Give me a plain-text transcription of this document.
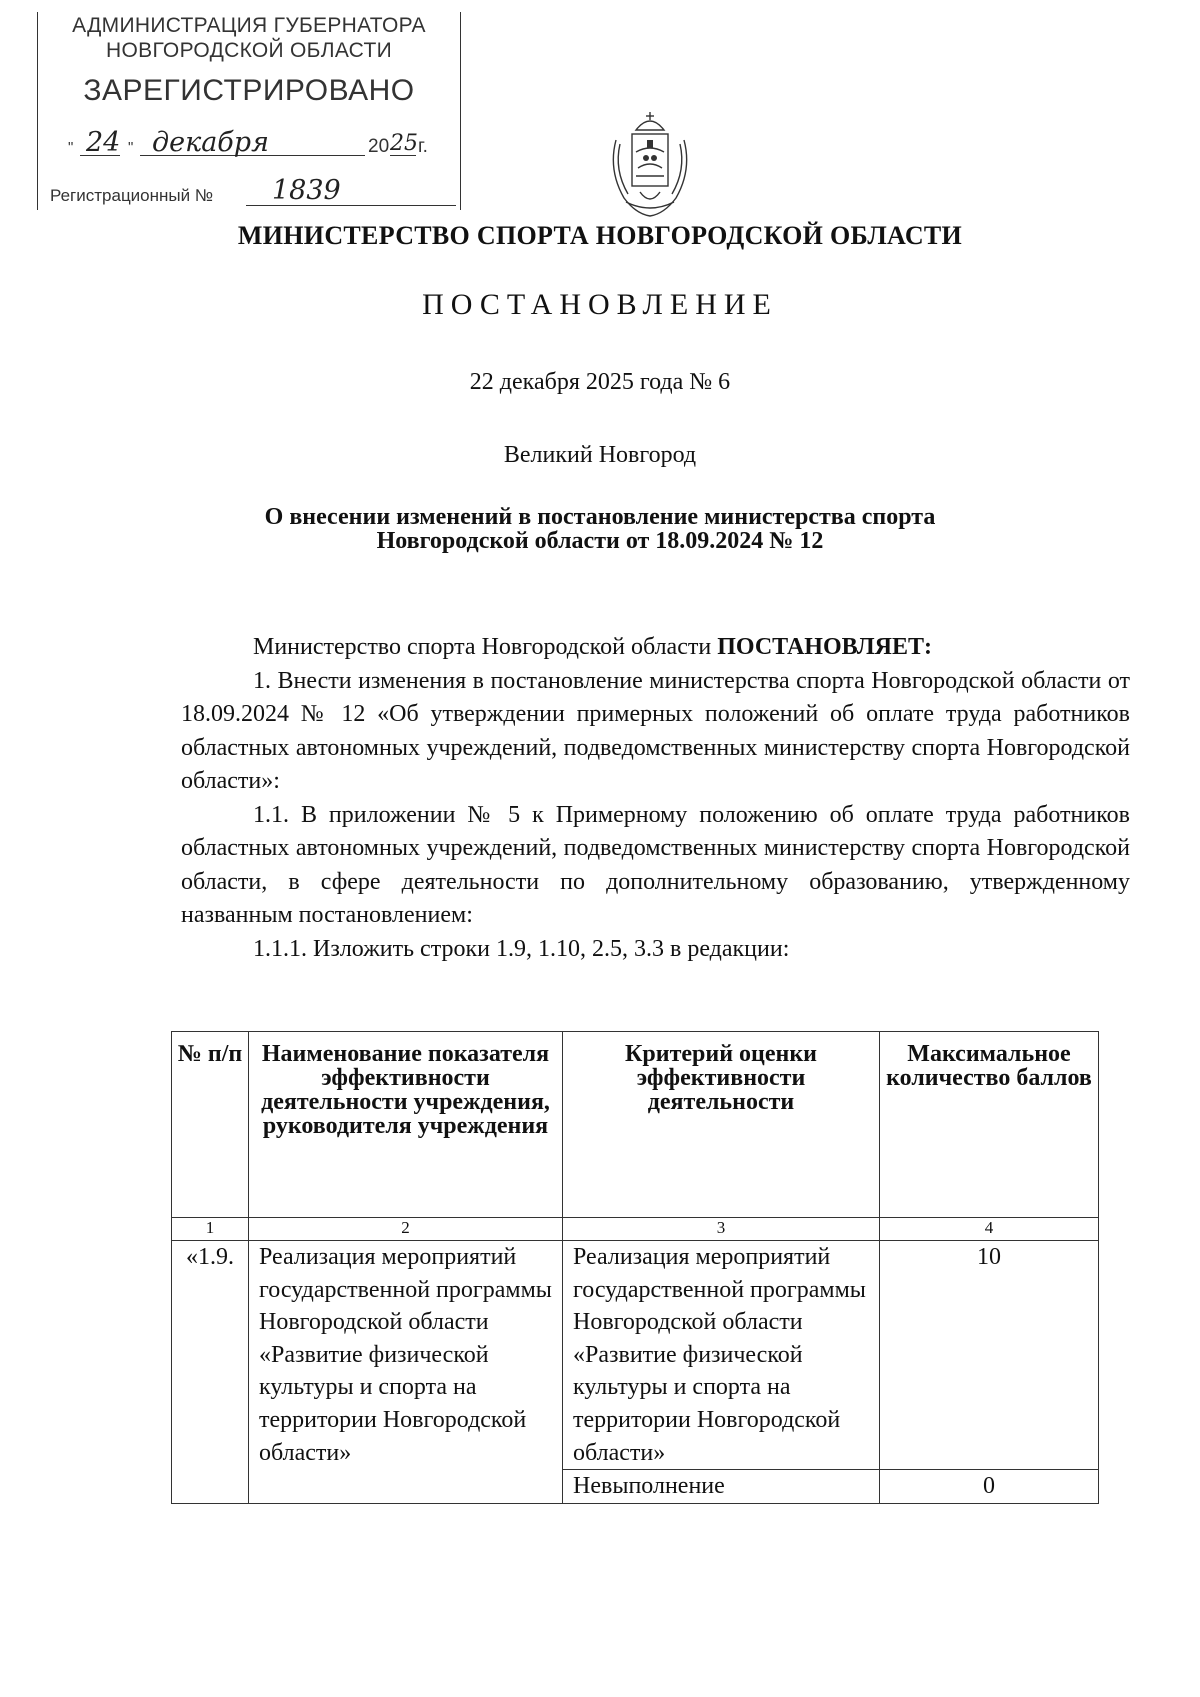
АДМИНИСТРАЦИЯ ГУБЕРНАТОРА
НОВГОРОДСКОЙ ОБЛАСТИ
ЗАРЕГИСТРИРОВАНО
" 24 " декабря	20 25 г.
Регистрационный № 1839
МИНИСТЕРСТВО СПОРТА НОВГОРОДСКОЙ ОБЛАСТИ
ПОСТАНОВЛЕНИЕ
22 декабря 2025 года № 6
Великий Новгород
О внесении изменений в постановление министерства спорта
Новгородской области от 18.09.2024 № 12

Министерство спорта Новгородской области ПОСТАНОВЛЯЕТ:

1. Внести изменения в постановление министерства спорта Новгородской области от 18.09.2024 № 12 «Об утверждении примерных положений об оплате труда работников областных автономных учреждений, подведомственных министерству спорта Новгородской области»:

1.1. В приложении № 5 к Примерному положению об оплате труда работников областных автономных учреждений, подведомственных министерству спорта Новгородской области, в сфере деятельности по дополнительному образованию, утвержденному названным постановлением:

1.1.1. Изложить строки 1.9, 1.10, 2.5, 3.3 в редакции:

№ п/п	Наименование показателя эффективности деятельности учреждения, руководителя учреждения	Критерий оценки эффективности деятельности	Максимальное количество баллов
1	2	3	4
«1.9.	Реализация мероприятий государственной программы Новгородской области «Развитие физической культуры и спорта на территории Новгородской области»	Реализация мероприятий государственной программы Новгородской области «Развитие физической культуры и спорта на территории Новгородской области»	10
		Невыполнение	0
